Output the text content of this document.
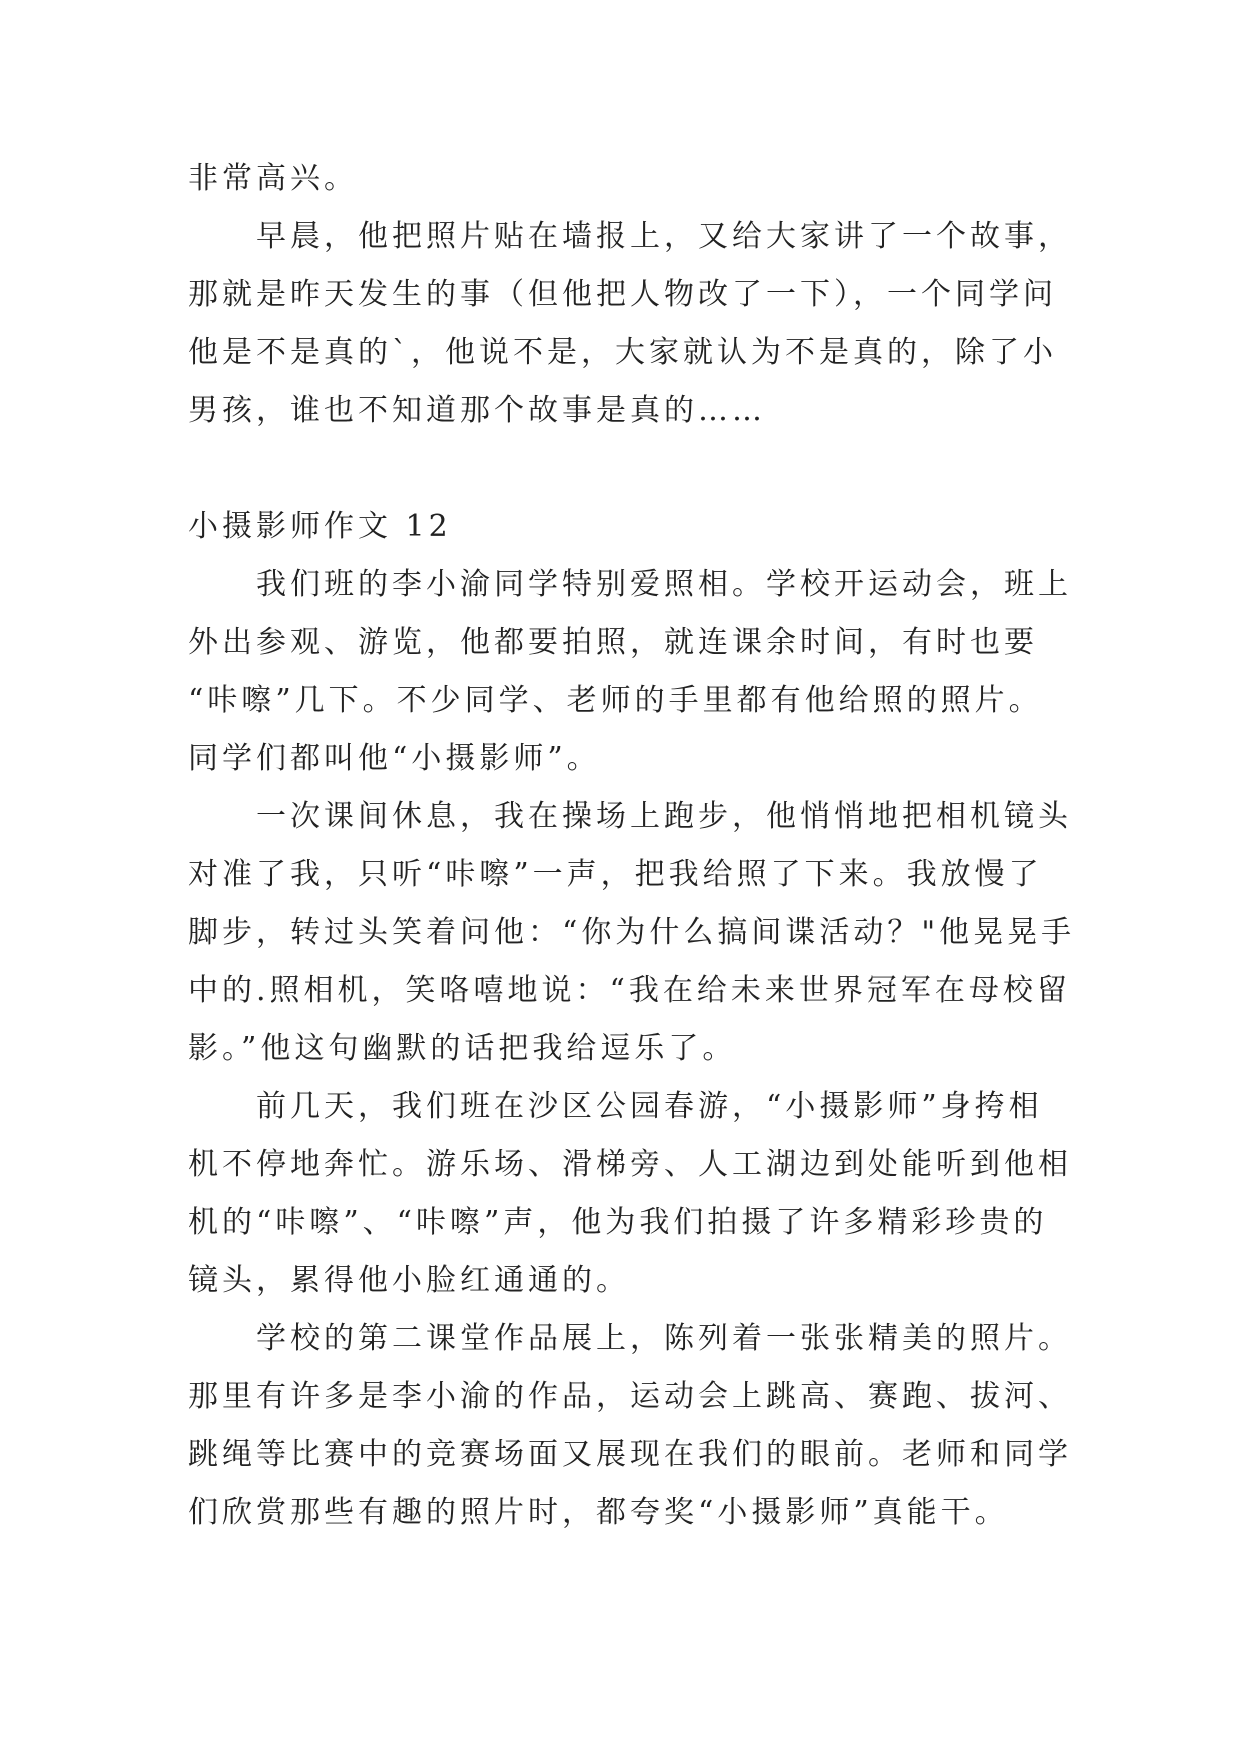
非常高兴。

早晨，他把照片贴在墙报上，又给大家讲了一个故事，

那就是昨天发生的事（但他把人物改了一下），一个同学问

他是不是真的`，他说不是，大家就认为不是真的，除了小

男孩，谁也不知道那个故事是真的……

小摄影师作文 12

我们班的李小渝同学特别爱照相。学校开运动会，班上

外出参观、游览，他都要拍照，就连课余时间，有时也要

“咔嚓”几下。不少同学、老师的手里都有他给照的照片。

同学们都叫他“小摄影师”。

一次课间休息，我在操场上跑步，他悄悄地把相机镜头

对准了我，只听“咔嚓”一声，把我给照了下来。我放慢了

脚步，转过头笑着问他：“你为什么搞间谍活动？"他晃晃手

中的.照相机，笑咯嘻地说：“我在给未来世界冠军在母校留

影。”他这句幽默的话把我给逗乐了。

前几天，我们班在沙区公园春游，“小摄影师”身挎相

机不停地奔忙。游乐场、滑梯旁、人工湖边到处能听到他相

机的“咔嚓”、“咔嚓”声，他为我们拍摄了许多精彩珍贵的

镜头，累得他小脸红通通的。

学校的第二课堂作品展上，陈列着一张张精美的照片。

那里有许多是李小渝的作品，运动会上跳高、赛跑、拔河、

跳绳等比赛中的竞赛场面又展现在我们的眼前。老师和同学

们欣赏那些有趣的照片时，都夸奖“小摄影师”真能干。
